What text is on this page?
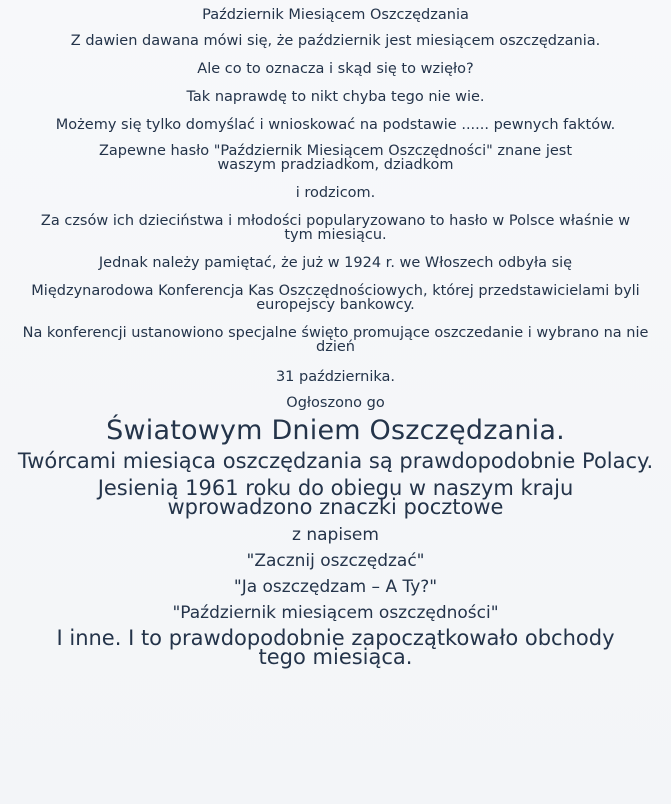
Październik Miesiącem Oszczędzania

Z dawien dawana mówi się, że październik jest miesiącem oszczędzania.

Ale co to oznacza i skąd się to wzięło?

Tak naprawdę to nikt chyba tego nie wie.

Możemy się tylko domyślać i wnioskować na podstawie ...... pewnych faktów.

Zapewne hasło "Październik Miesiącem Oszczędności" znane jest waszym pradziadkom, dziadkom

i rodzicom.

Za czsów ich dzieciństwa i młodości popularyzowano to hasło w Polsce właśnie w tym miesiącu.

Jednak należy pamiętać, że już w 1924 r. we Włoszech odbyła się

Międzynarodowa Konferencja Kas Oszczędnościowych, której przedstawicielami byli europejscy bankowcy.

Na konferencji ustanowiono specjalne święto promujące oszczedanie i wybrano na nie dzień

31 października.

Ogłoszono go

Światowym Dniem Oszczędzania.

Twórcami miesiąca oszczędzania są prawdopodobnie Polacy.

Jesienią 1961 roku do obiegu w naszym kraju wprowadzono znaczki pocztowe

z napisem

"Zacznij oszczędzać"

"Ja oszczędzam – A Ty?"

"Październik miesiącem oszczędności"

I inne. I to prawdopodobnie zapoczątkowało obchody tego miesiąca.
